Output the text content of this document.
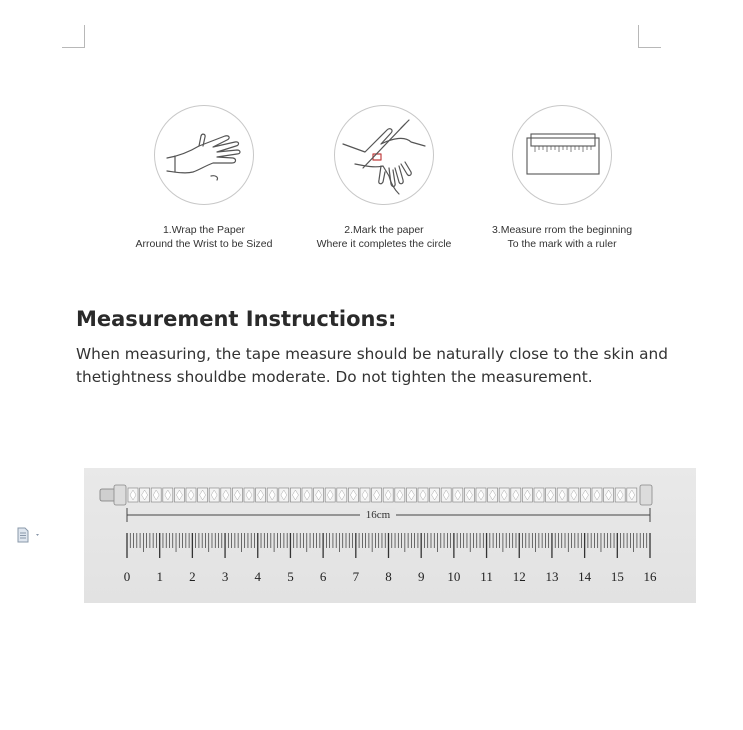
1.Wrap the Paper
Arround the Wrist to be Sized
2.Mark the paper
Where it completes the circle
3.Measure rrom the beginning
To the mark with a ruler
Measurement Instructions:

When measuring, the tape measure should be naturally close to the skin and

thetightness shouldbe moderate. Do not tighten the measurement.

16cm
0 1 2 3 4 5 6 7 8 9 10 11 12 13 14 15 16
